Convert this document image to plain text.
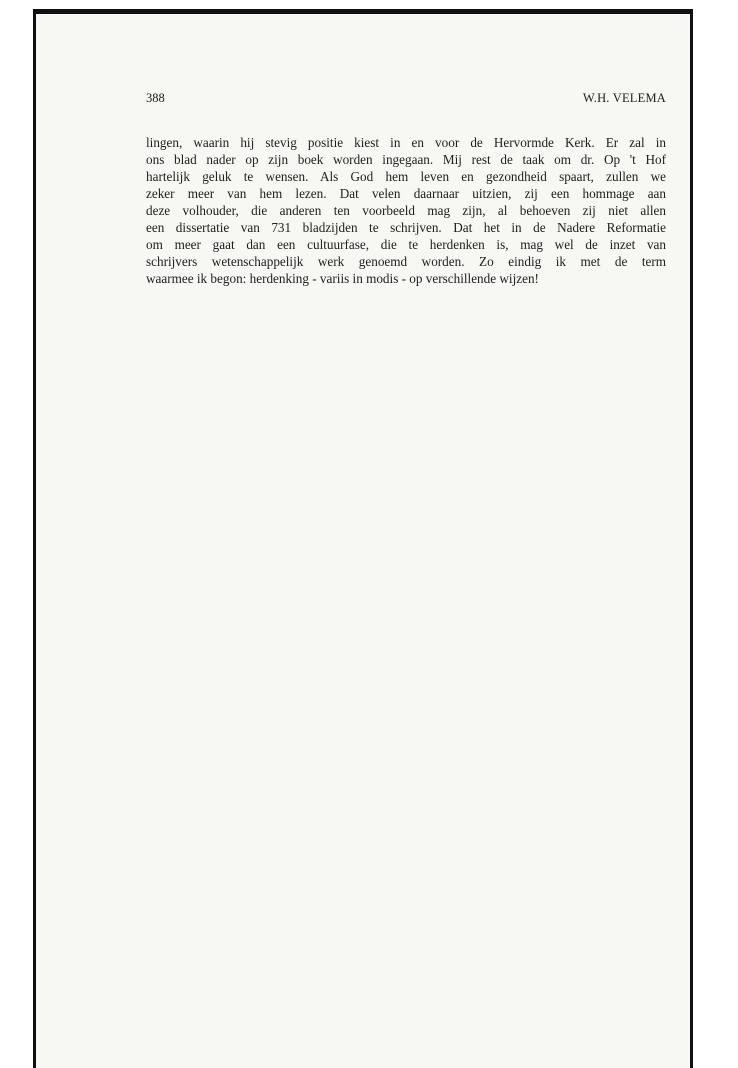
388	W.H. VELEMA
lingen, waarin hij stevig positie kiest in en voor de Hervormde Kerk. Er zal in
ons blad nader op zijn boek worden ingegaan. Mij rest de taak om dr. Op 't Hof
hartelijk geluk te wensen. Als God hem leven en gezondheid spaart, zullen we
zeker meer van hem lezen. Dat velen daarnaar uitzien, zij een hommage aan
deze volhouder, die anderen ten voorbeeld mag zijn, al behoeven zij niet allen
een dissertatie van 731 bladzijden te schrijven. Dat het in de Nadere Reformatie
om meer gaat dan een cultuurfase, die te herdenken is, mag wel de inzet van
schrijvers wetenschappelijk werk genoemd worden. Zo eindig ik met de term
waarmee ik begon: herdenking - variis in modis - op verschillende wijzen!
